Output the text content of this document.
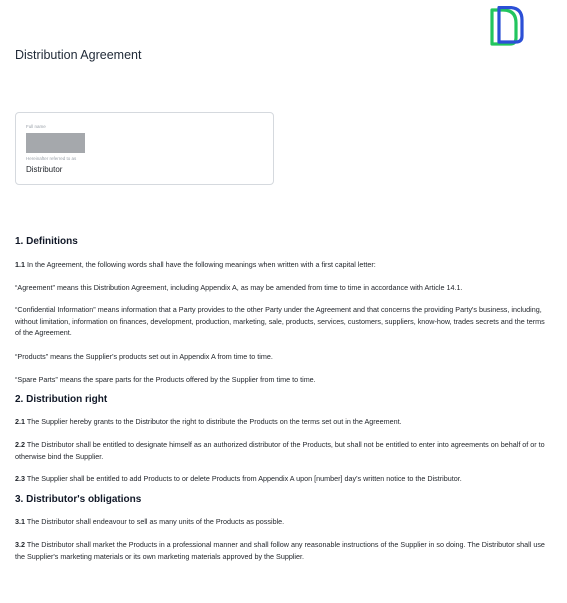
Distribution Agreement
Full name
Hereinafter referred to as
Distributor
1. Definitions

1.1 In the Agreement, the following words shall have the following meanings when written with a first capital letter:

“Agreement” means this Distribution Agreement, including Appendix A, as may be amended from time to time in accordance with Article 14.1.

“Confidential Information” means information that a Party provides to the other Party under the Agreement and that concerns the providing Party's business, including, without limitation, information on finances, development, production, marketing, sale, products, services, customers, suppliers, know-how, trades secrets and the terms of the Agreement.

“Products” means the Supplier's products set out in Appendix A from time to time.

“Spare Parts” means the spare parts for the Products offered by the Supplier from time to time.

2. Distribution right

2.1 The Supplier hereby grants to the Distributor the right to distribute the Products on the terms set out in the Agreement.

2.2 The Distributor shall be entitled to designate himself as an authorized distributor of the Products, but shall not be entitled to enter into agreements on behalf of or to otherwise bind the Supplier.

2.3 The Supplier shall be entitled to add Products to or delete Products from Appendix A upon [number] day's written notice to the Distributor.

3. Distributor's obligations

3.1 The Distributor shall endeavour to sell as many units of the Products as possible.

3.2 The Distributor shall market the Products in a professional manner and shall follow any reasonable instructions of the Supplier in so doing. The Distributor shall use the Supplier's marketing materials or its own marketing materials approved by the Supplier.
